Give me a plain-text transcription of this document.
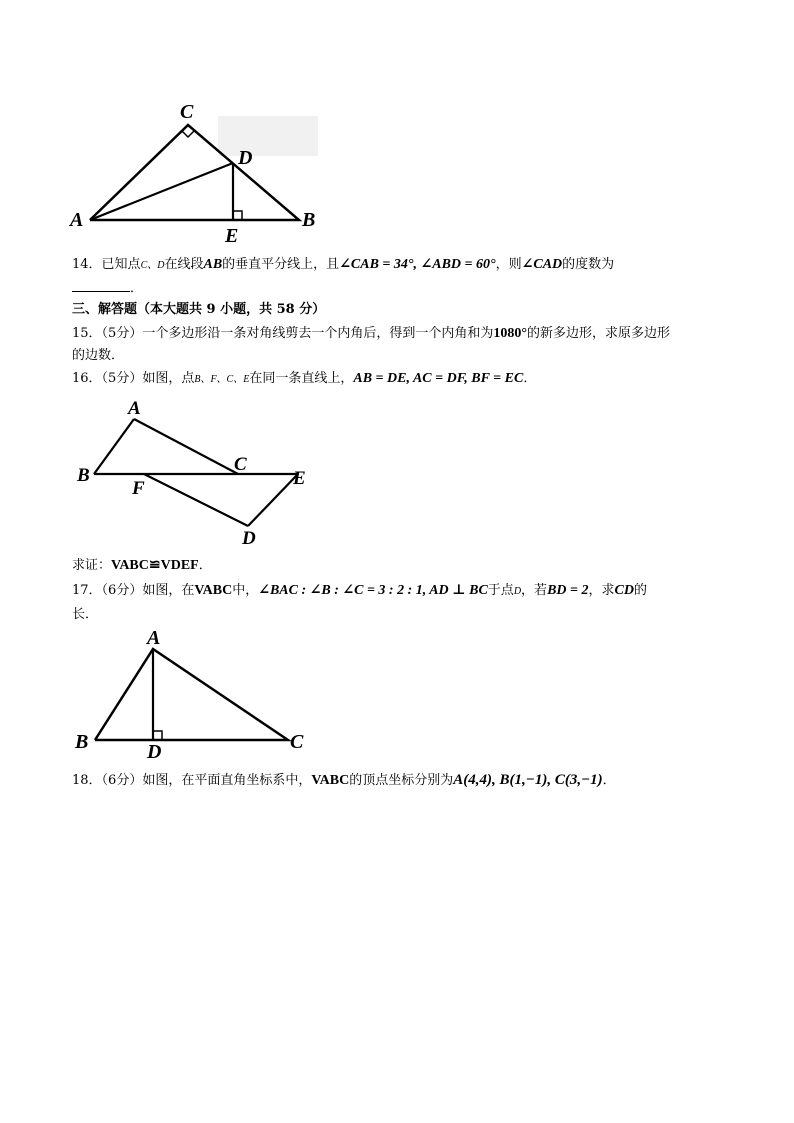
C
D
A	B
E
14．已知点C、D在线段AB的垂直平分线上，且∠CAB = 34°, ∠ABD = 60°，则∠CAD的度数为
．
三、解答题（本大题共 9 小题，共 58 分）
15．（5分）一个多边形沿一条对角线剪去一个内角后，得到一个内角和为1080°的新多边形，求原多边形
的边数．
16．（5分）如图，点B、F、C、E在同一条直线上，AB = DE, AC = DF, BF = EC．
A
B
C
E
F
D
求证：VABC≌VDEF．
17．（6分）如图，在VABC中，∠BAC : ∠B : ∠C = 3 : 2 : 1, AD ⊥ BC于点D，若BD = 2，求CD的
长．
A
B	C
D
18．（6分）如图，在平面直角坐标系中，VABC的顶点坐标分别为A(4,4), B(1,−1), C(3,−1)．
